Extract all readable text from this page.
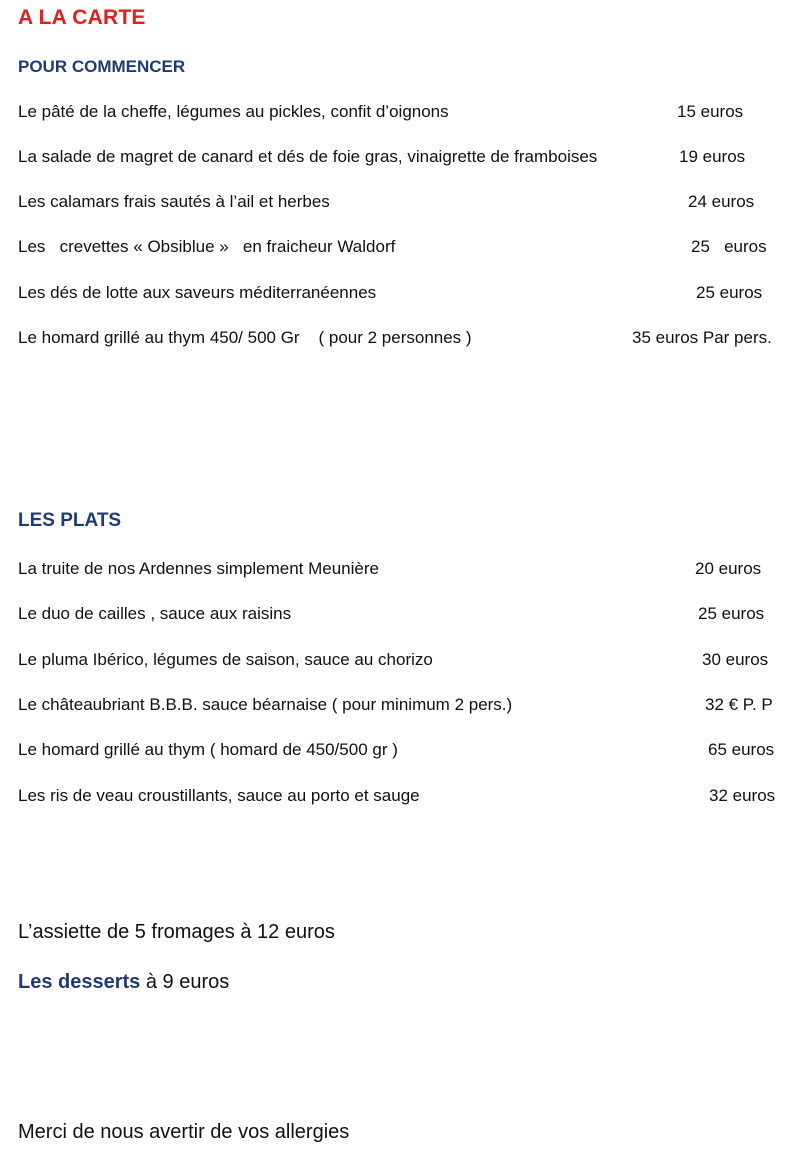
A LA CARTE
POUR COMMENCER
Le pâté de la cheffe, légumes au pickles, confit d’oignons	15 euros
La salade de magret de canard et dés de foie gras, vinaigrette de framboises	19 euros
Les calamars frais sautés à l’ail et herbes	24 euros
Les   crevettes « Obsiblue »   en fraicheur Waldorf	25   euros
Les dés de lotte aux saveurs méditerranéennes	25 euros
Le homard grillé au thym 450/ 500 Gr    ( pour 2 personnes )	35 euros Par pers.
LES PLATS
La truite de nos Ardennes simplement Meunière	20 euros
Le duo de cailles , sauce aux raisins	25 euros
Le pluma Ibérico, légumes de saison, sauce au chorizo	30 euros
Le châteaubriant B.B.B. sauce béarnaise ( pour minimum 2 pers.)	32 € P. P
Le homard grillé au thym ( homard de 450/500 gr )	65 euros
Les ris de veau croustillants, sauce au porto et sauge	32 euros
L’assiette de 5 fromages à 12 euros
Les desserts à 9 euros
Merci de nous avertir de vos allergies
